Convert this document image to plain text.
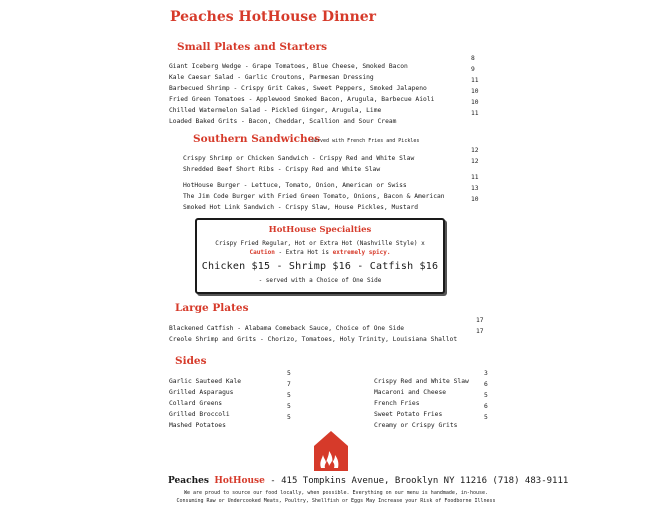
Peaches HotHouse Dinner
Small Plates and Starters
Giant Iceberg Wedge - Grape Tomatoes, Blue Cheese, Smoked Bacon
8
Kale Caesar Salad - Garlic Croutons, Parmesan Dressing
9
Barbecued Shrimp - Crispy Grit Cakes, Sweet Peppers, Smoked Jalapeno
11
Fried Green Tomatoes - Applewood Smoked Bacon, Arugula, Barbecue Aioli
10
Chilled Watermelon Salad - Pickled Ginger, Arugula, Lime
10
Loaded Baked Grits - Bacon, Cheddar, Scallion and Sour Cream
11
Southern Sandwiches
served with French Fries and Pickles
Crispy Shrimp or Chicken Sandwich - Crispy Red and White Slaw
12
Shredded Beef Short Ribs - Crispy Red and White Slaw
12
HotHouse Burger - Lettuce, Tomato, Onion, American or Swiss
11
The Jim Code Burger with Fried Green Tomato, Onions, Bacon & American
13
Smoked Hot Link Sandwich - Crispy Slaw, House Pickles, Mustard
10
HotHouse Specialties
Crispy Fried Regular, Hot or Extra Hot (Nashville Style) x
Caution - Extra Hot is extremely spicy.
Chicken $15 - Shrimp $16 - Catfish $16
- served with a Choice of One Side
Large Plates
Blackened Catfish - Alabama Comeback Sauce, Choice of One Side
17
Creole Shrimp and Grits - Chorizo, Tomatoes, Holy Trinity, Louisiana Shallot
17
Sides
Garlic Sauteed Kale
5
Grilled Asparagus
7
Collard Greens
5
Grilled Broccoli
5
Mashed Potatoes
5
Crispy Red and White Slaw
3
Macaroni and Cheese
6
French Fries
5
Sweet Potato Fries
6
Creamy or Crispy Grits
5
Peaches HotHouse - 415 Tompkins Avenue, Brooklyn NY 11216 (718) 483-9111
We are proud to source our food locally, when possible. Everything on our menu is handmade, in-house.
Consuming Raw or Undercooked Meats, Poultry, Shellfish or Eggs May Increase your Risk of Foodborne Illness
